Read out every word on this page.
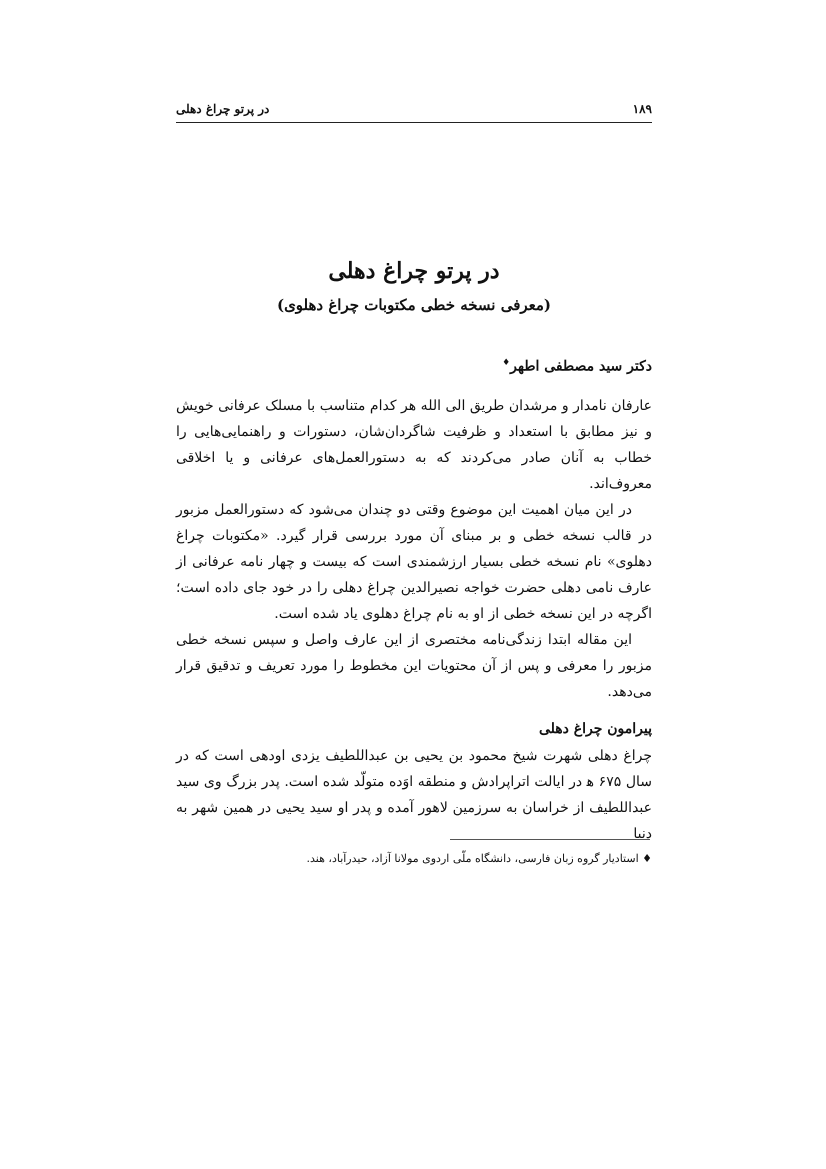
۱۸۹
در پرتو چراغ دهلی
در پرتو چراغ دهلی
(معرفی نسخه خطی مکتوبات چراغ دهلوی)
دکتر سید مصطفی اطهر♦

عارفان نامدار و مرشدان طریق الی الله هر کدام متناسب با مسلک عرفانی خویش و نیز مطابق با استعداد و ظرفیت شاگردان‌شان، دستورات و راهنمایی‌هایی را خطاب به آنان صادر می‌کردند که به دستورالعمل‌های عرفانی و یا اخلاقی معروف‌اند.

در این میان اهمیت این موضوع وقتی دو چندان می‌شود که دستورالعمل مزبور در قالب نسخه خطی و بر مبنای آن مورد بررسی قرار گیرد. «مکتوبات چراغ دهلوی» نام نسخه خطی بسیار ارزشمندی است که بیست و چهار نامه عرفانی از عارف نامی دهلی حضرت خواجه نصیرالدین چراغ دهلی را در خود جای داده است؛ اگرچه در این نسخه خطی از او به نام چراغ دهلوی یاد شده است.

این مقاله ابتدا زندگی‌نامه مختصری از این عارف واصل و سپس نسخه خطی مزبور را معرفی و پس از آن محتویات این مخطوط را مورد تعریف و تدقیق قرار می‌دهد.

پیرامون چراغ دهلی

چراغ دهلی شهرت شیخ محمود بن یحیی بن عبداللطیف یزدی اودهی است که در سال ۶۷۵ ﻫ در ایالت اتراپرادش و منطقه اوَده متولّد شده است. پدر بزرگ وی سید عبداللطیف از خراسان به سرزمین لاهور آمده و پدر او سید یحیی در همین شهر به دنیا

♦ استادیار گروه زبان فارسی، دانشگاه ملّی اردوی مولانا آزاد، حیدرآباد، هند.
